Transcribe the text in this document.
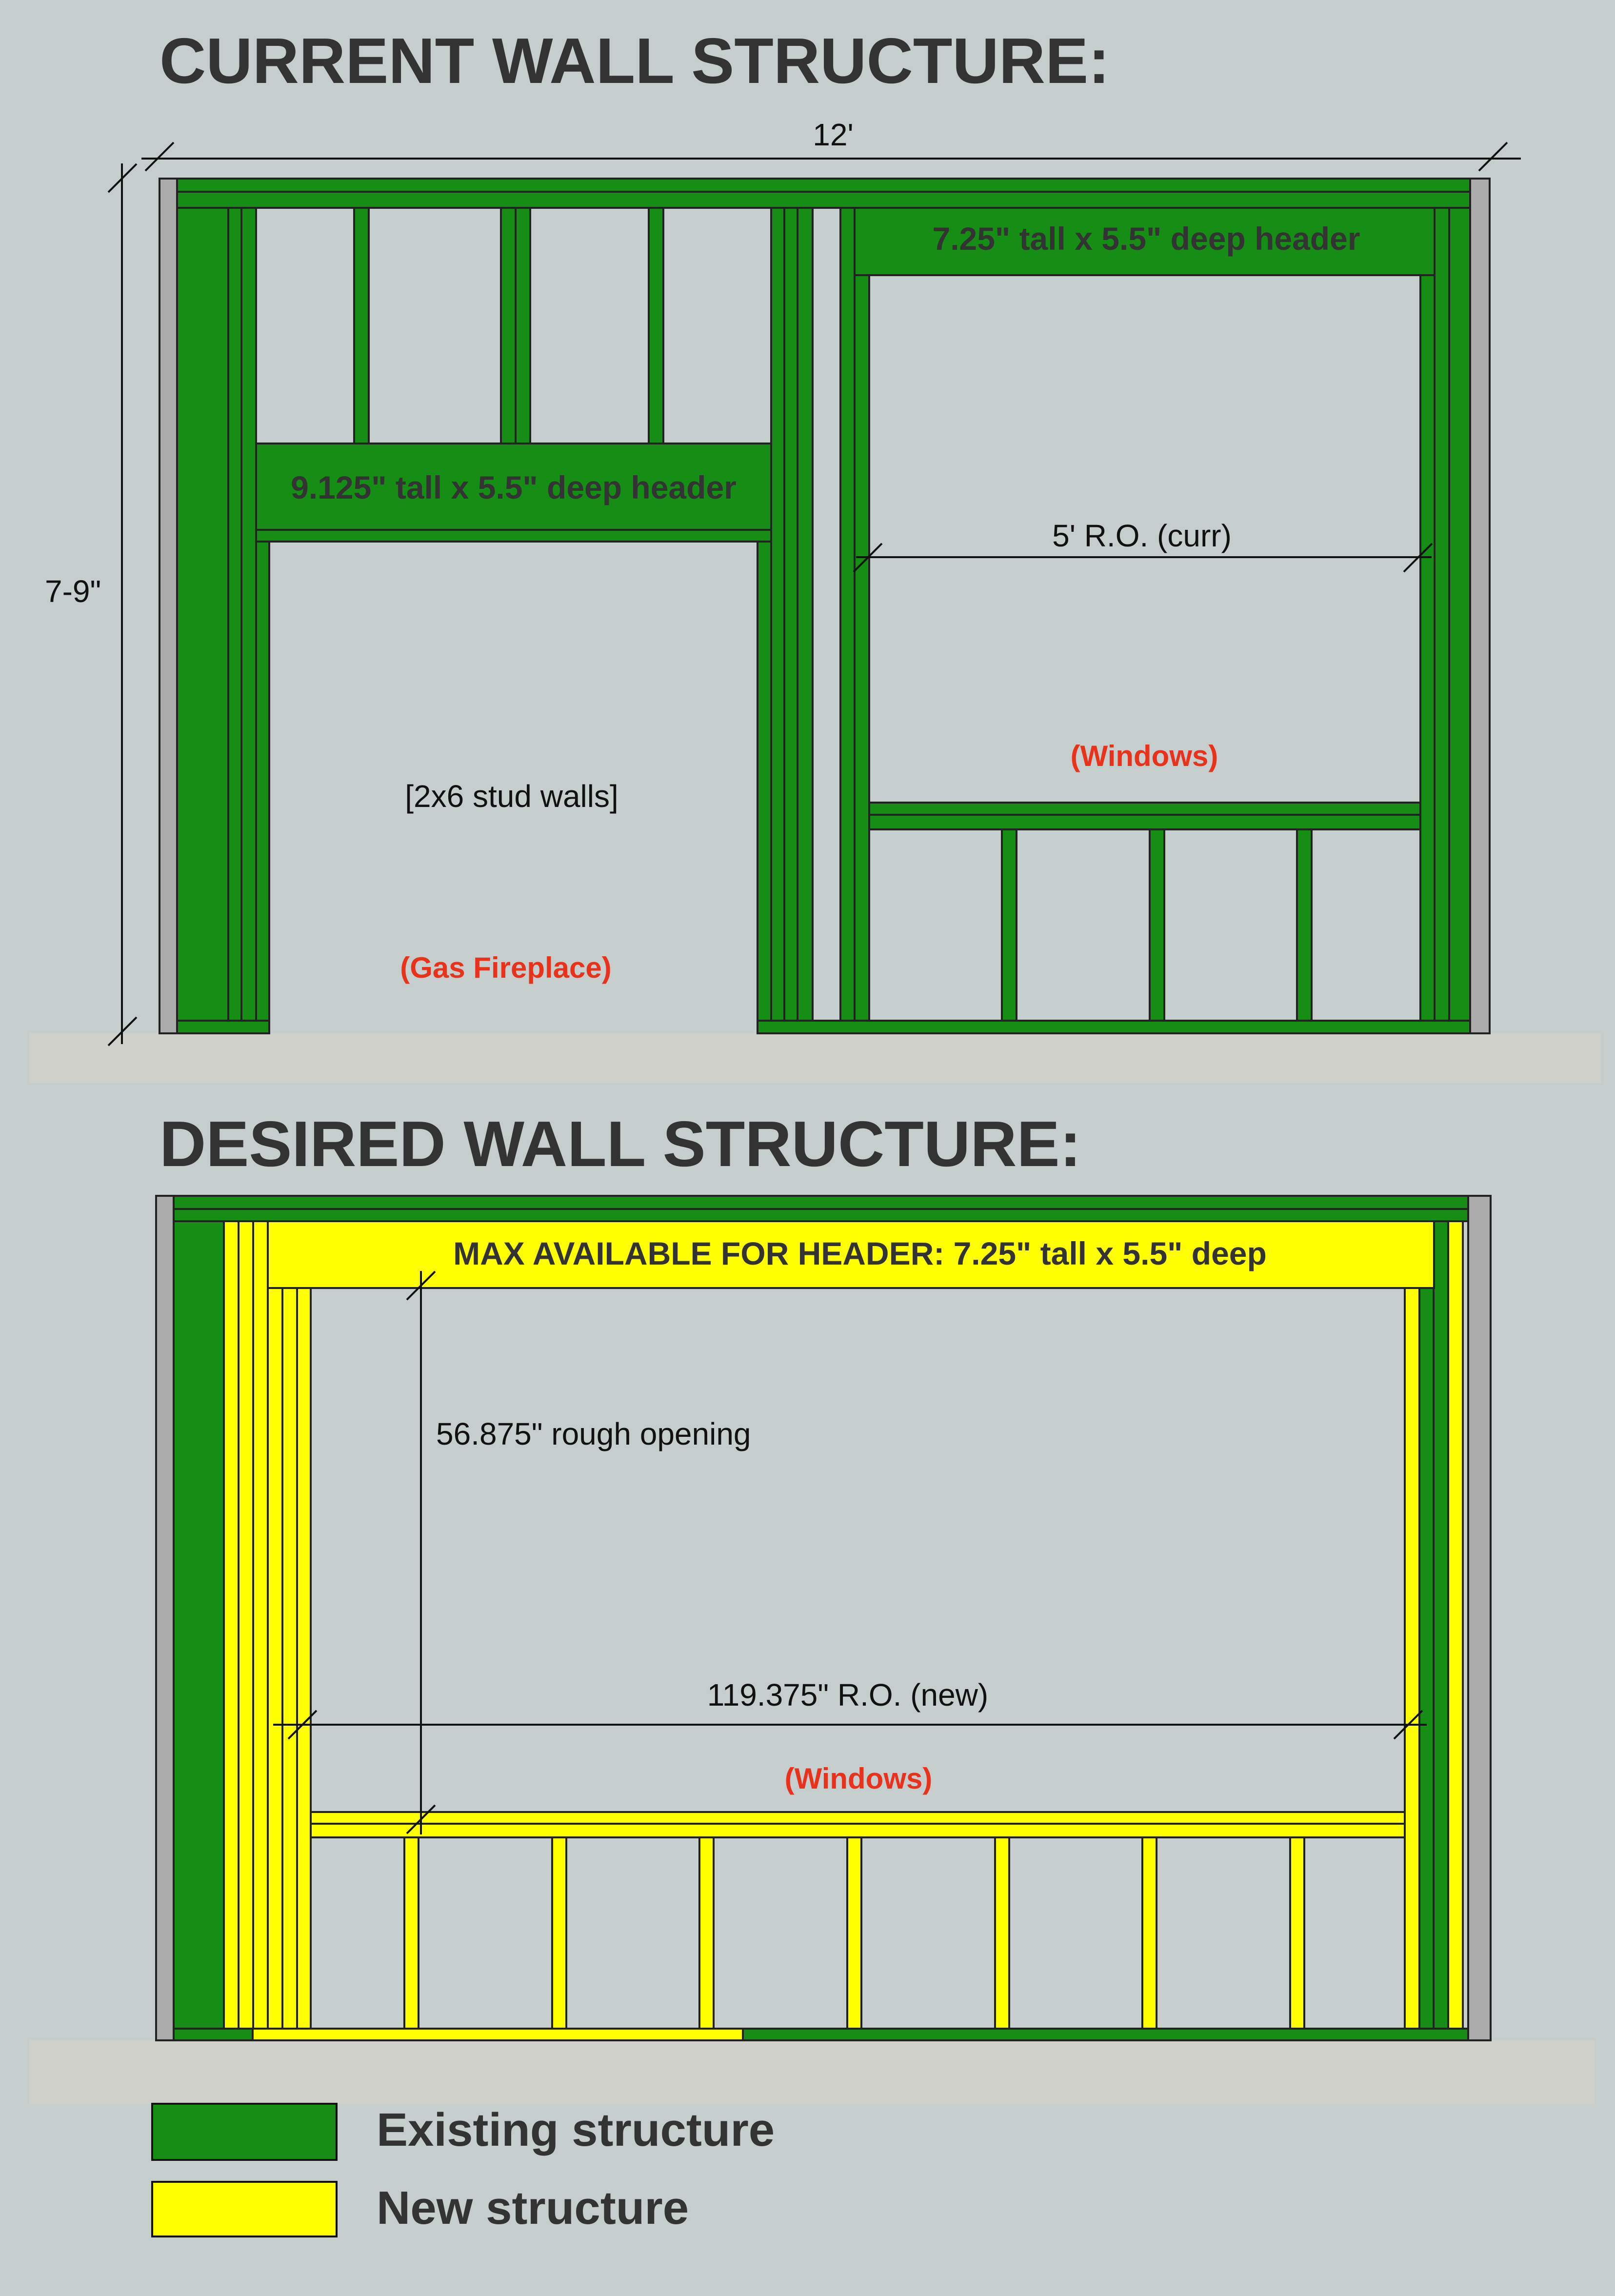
CURRENT WALL STRUCTURE:
12'
7-9"
9.125" tall x 5.5" deep header
7.25" tall x 5.5" deep header
5' R.O. (curr)
(Windows)
[2x6 stud walls]
(Gas Fireplace)
DESIRED WALL STRUCTURE:
MAX AVAILABLE FOR HEADER: 7.25" tall x 5.5" deep
56.875" rough opening
119.375" R.O. (new)
(Windows)
Existing structure
New structure
